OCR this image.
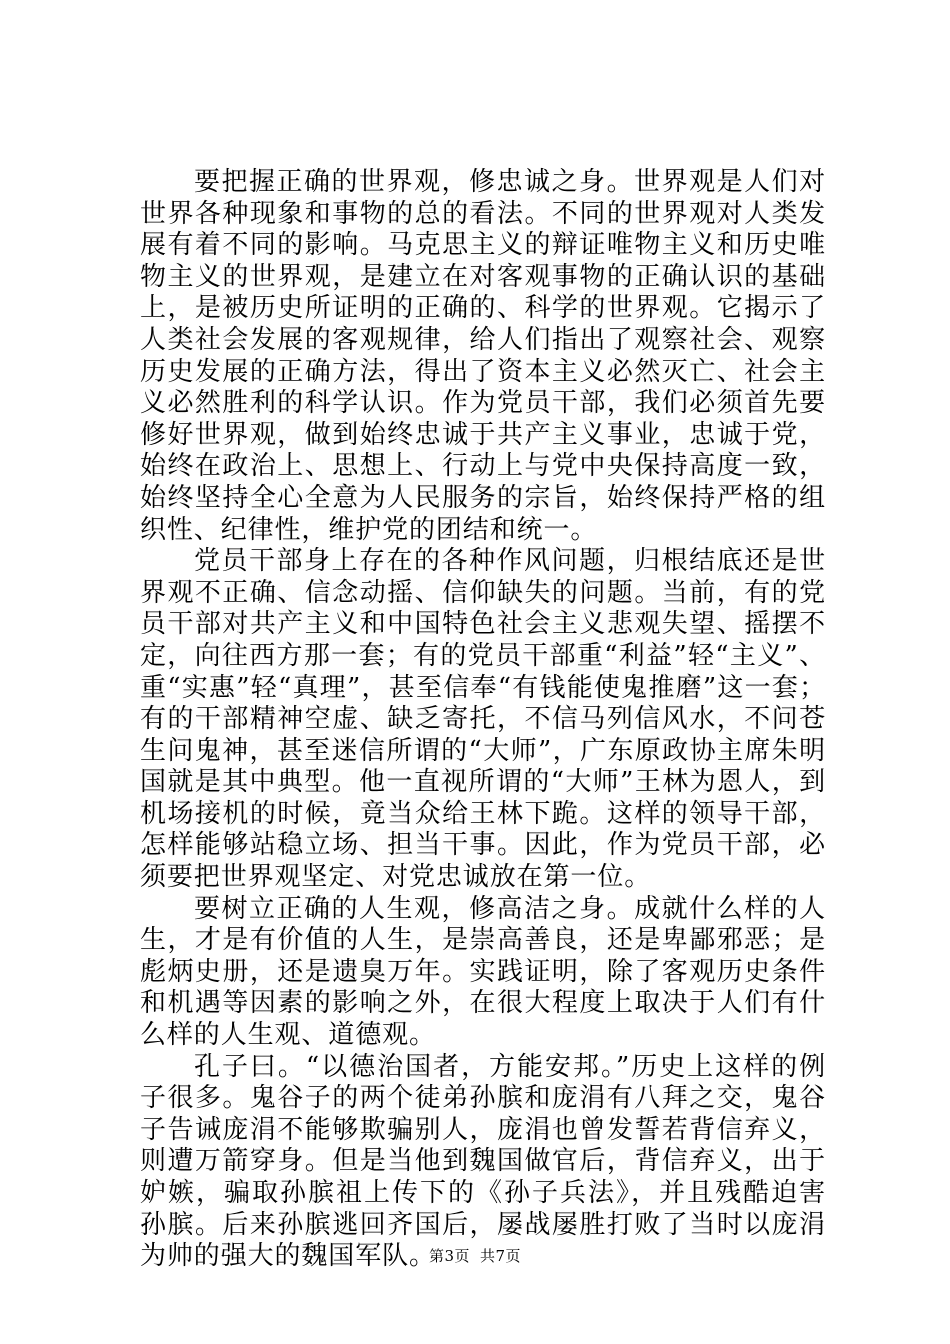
要把握正确的世界观，修忠诚之身。世界观是人们对世界各种现象和事物的总的看法。不同的世界观对人类发展有着不同的影响。马克思主义的辩证唯物主义和历史唯物主义的世界观，是建立在对客观事物的正确认识的基础上，是被历史所证明的正确的、科学的世界观。它揭示了人类社会发展的客观规律，给人们指出了观察社会、观察历史发展的正确方法，得出了资本主义必然灭亡、社会主义必然胜利的科学认识。作为党员干部，我们必须首先要修好世界观，做到始终忠诚于共产主义事业，忠诚于党，始终在政治上、思想上、行动上与党中央保持高度一致，始终坚持全心全意为人民服务的宗旨，始终保持严格的组织性、纪律性，维护党的团结和统一。

党员干部身上存在的各种作风问题，归根结底还是世界观不正确、信念动摇、信仰缺失的问题。当前，有的党员干部对共产主义和中国特色社会主义悲观失望、摇摆不定，向往西方那一套；有的党员干部重“利益”轻“主义”、重“实惠”轻“真理”，甚至信奉“有钱能使鬼推磨”这一套；有的干部精神空虚、缺乏寄托，不信马列信风水，不问苍生问鬼神，甚至迷信所谓的“大师”，广东原政协主席朱明国就是其中典型。他一直视所谓的“大师”王林为恩人，到机场接机的时候，竟当众给王林下跪。这样的领导干部，怎样能够站稳立场、担当干事。因此，作为党员干部，必须要把世界观坚定、对党忠诚放在第一位。

要树立正确的人生观，修高洁之身。成就什么样的人生，才是有价值的人生，是崇高善良，还是卑鄙邪恶；是彪炳史册，还是遗臭万年。实践证明，除了客观历史条件和机遇等因素的影响之外，在很大程度上取决于人们有什么样的人生观、道德观。

孔子曰。“以德治国者，方能安邦。”历史上这样的例子很多。鬼谷子的两个徒弟孙膑和庞涓有八拜之交，鬼谷子告诫庞涓不能够欺骗别人，庞涓也曾发誓若背信弃义，则遭万箭穿身。但是当他到魏国做官后，背信弃义，出于妒嫉，骗取孙膑祖上传下的《孙子兵法》，并且残酷迫害孙膑。后来孙膑逃回齐国后，屡战屡胜打败了当时以庞涓为帅的强大的魏国军队。

第3页 共7页
